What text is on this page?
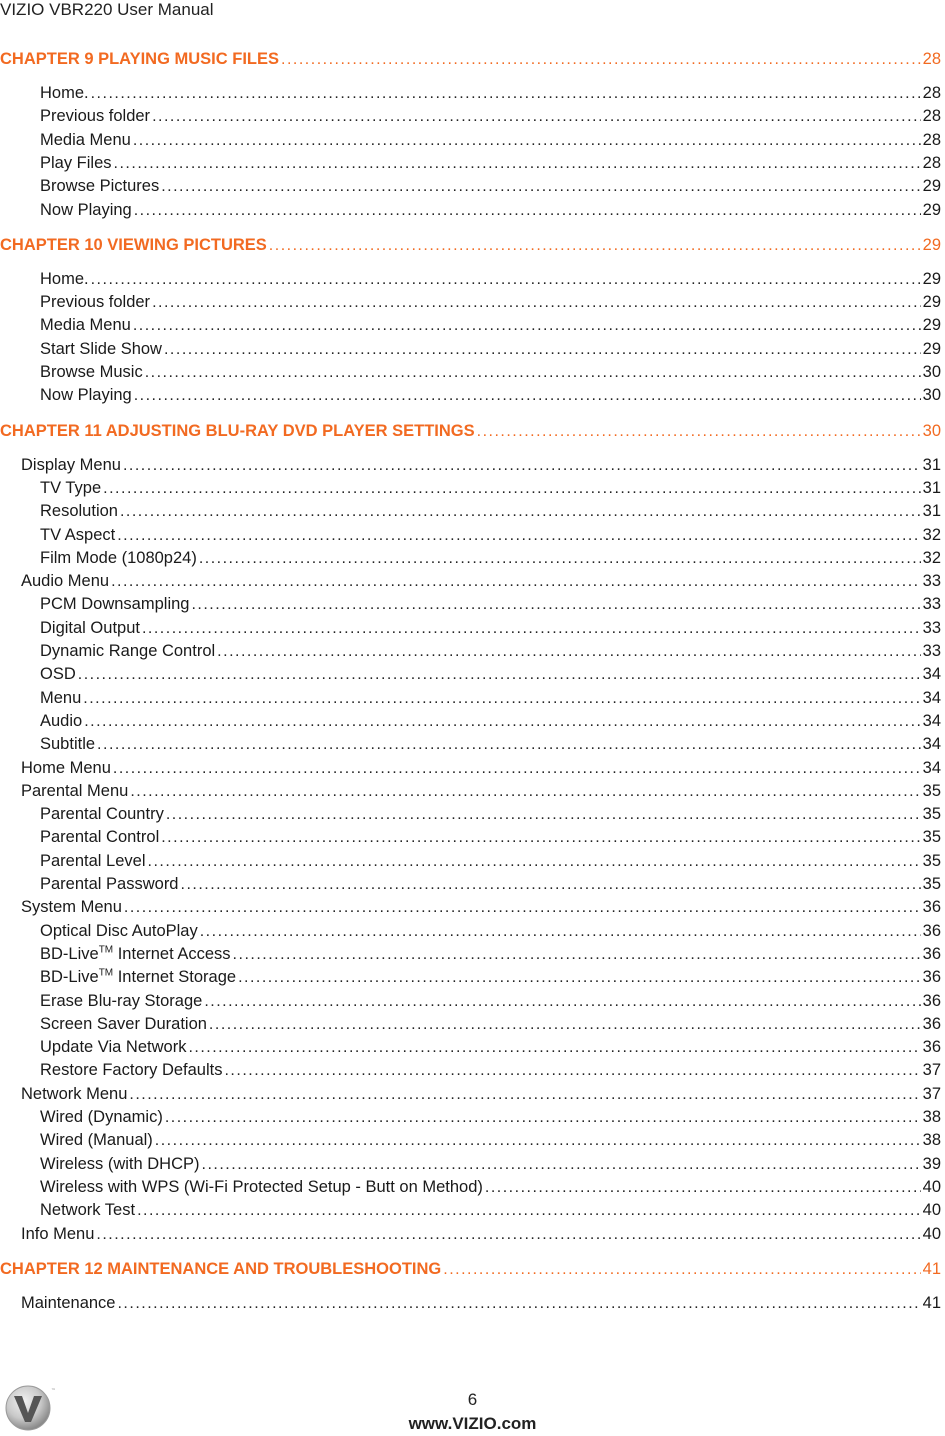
VIZIO VBR220 User Manual
CHAPTER 9 PLAYING MUSIC FILES .....	28
Home. .....	28
Previous folder .....	28
Media Menu .....	28
Play Files .....	28
Browse Pictures .....	29
Now Playing .....	29
CHAPTER 10 VIEWING PICTURES .....	29
Home. .....	29
Previous folder .....	29
Media Menu .....	29
Start Slide Show .....	29
Browse Music .....	30
Now Playing .....	30
CHAPTER 11 ADJUSTING BLU-RAY DVD PLAYER SETTINGS .....	30
Display Menu .....	31
TV Type .....	31
Resolution .....	31
TV Aspect .....	32
Film Mode (1080p24) .....	32
Audio Menu .....	33
PCM Downsampling .....	33
Digital Output .....	33
Dynamic Range Control .....	33
OSD .....	34
Menu .....	34
Audio .....	34
Subtitle .....	34
Home Menu .....	34
Parental Menu .....	35
Parental Country .....	35
Parental Control .....	35
Parental Level .....	35
Parental Password .....	35
System Menu .....	36
Optical Disc AutoPlay .....	36
BD-Live™ Internet Access .....	36
BD-Live™ Internet Storage .....	36
Erase Blu-ray Storage .....	36
Screen Saver Duration .....	36
Update Via Network .....	36
Restore Factory Defaults .....	37
Network Menu .....	37
Wired (Dynamic) .....	38
Wired (Manual) .....	38
Wireless (with DHCP) .....	39
Wireless with WPS (Wi-Fi Protected Setup - Butt on Method) .....	40
Network Test .....	40
Info Menu .....	40
CHAPTER 12 MAINTENANCE AND TROUBLESHOOTING .....	41
Maintenance .....	41
™	6
www.VIZIO.com
